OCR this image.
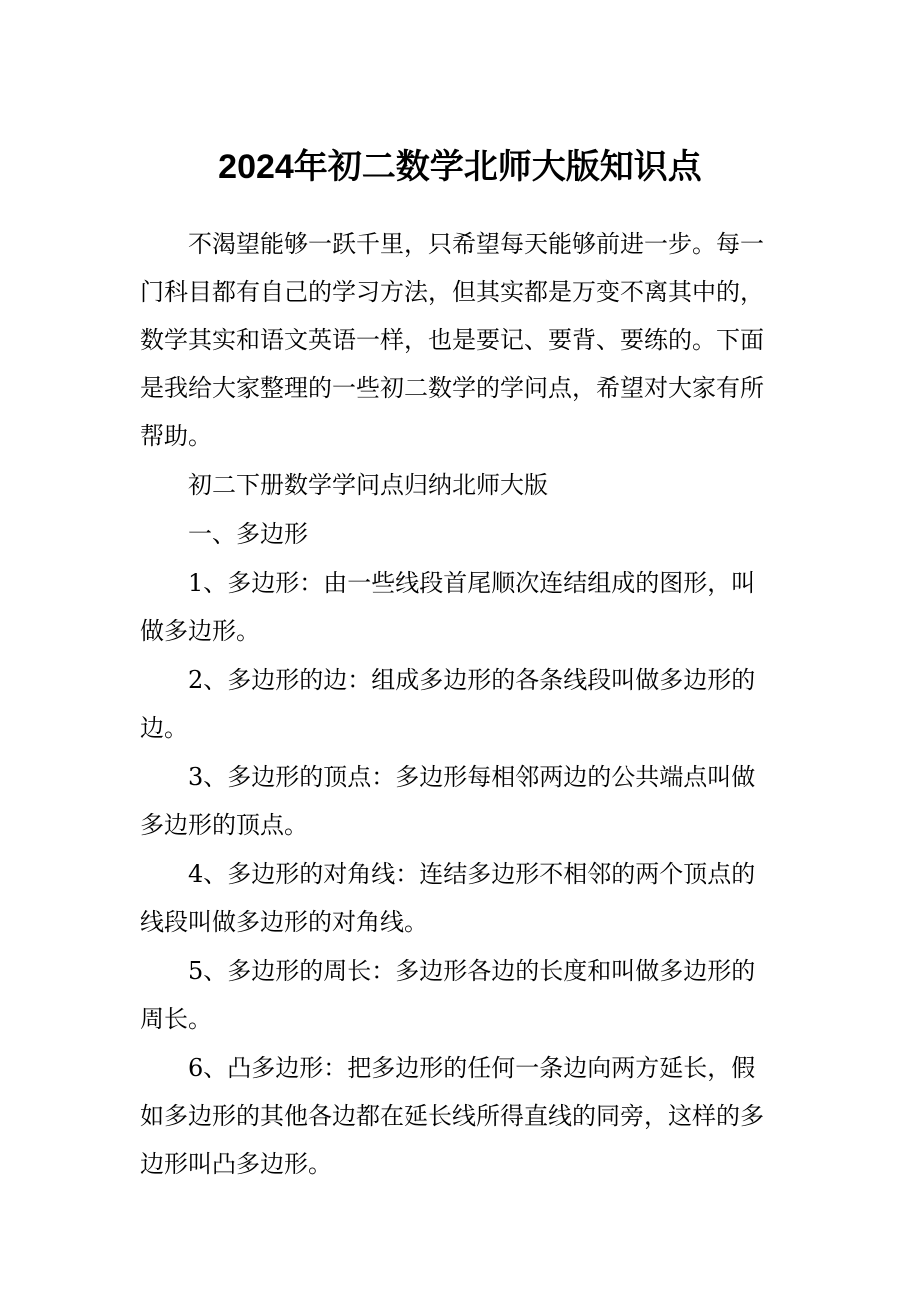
2024年初二数学北师大版知识点

不渴望能够一跃千里，只希望每天能够前进一步。每一
门科目都有自己的学习方法，但其实都是万变不离其中的，
数学其实和语文英语一样，也是要记、要背、要练的。下面
是我给大家整理的一些初二数学的学问点，希望对大家有所
帮助。

初二下册数学学问点归纳北师大版

一、多边形

1、多边形：由一些线段首尾顺次连结组成的图形，叫
做多边形。

2、多边形的边：组成多边形的各条线段叫做多边形的
边。

3、多边形的顶点：多边形每相邻两边的公共端点叫做
多边形的顶点。

4、多边形的对角线：连结多边形不相邻的两个顶点的
线段叫做多边形的对角线。

5、多边形的周长：多边形各边的长度和叫做多边形的
周长。

6、凸多边形：把多边形的任何一条边向两方延长，假
如多边形的其他各边都在延长线所得直线的同旁，这样的多
边形叫凸多边形。
